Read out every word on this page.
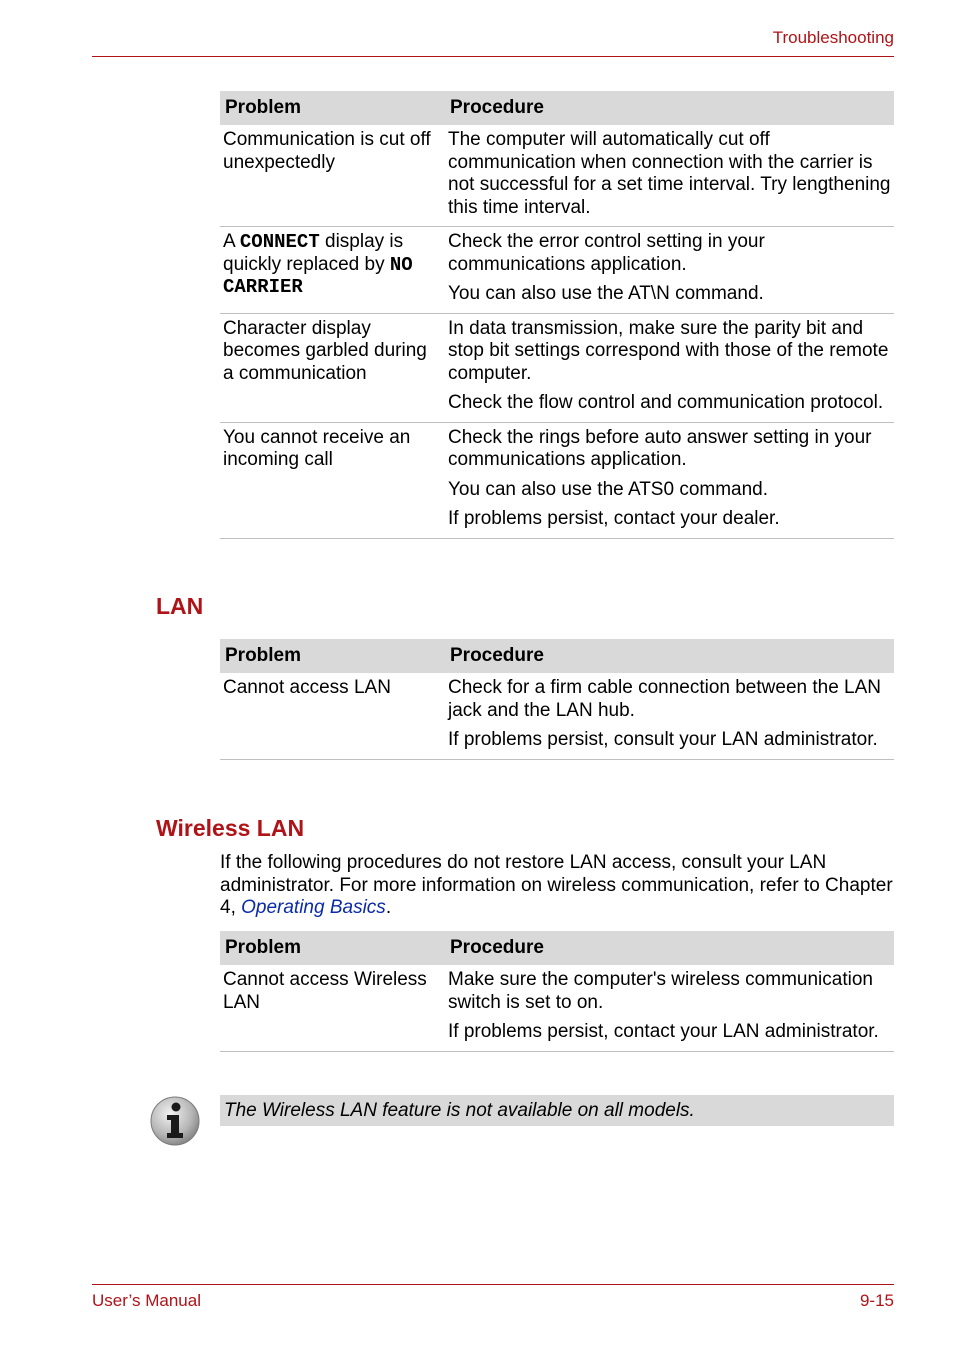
Troubleshooting
Problem	Procedure
Communication is cut off unexpectedly	The computer will automatically cut off communication when connection with the carrier is not successful for a set time interval. Try lengthening this time interval.

A CONNECT display is quickly replaced by NO CARRIER	Check the error control setting in your communications application.

You can also use the AT\N command.

Character display becomes garbled during a communication	In data transmission, make sure the parity bit and stop bit settings correspond with those of the remote computer.

Check the flow control and communication protocol.

You cannot receive an incoming call	Check the rings before auto answer setting in your communications application.

You can also use the ATS0 command.

If problems persist, contact your dealer.

LAN
Problem	Procedure
Cannot access LAN	Check for a firm cable connection between the LAN jack and the LAN hub.

If problems persist, consult your LAN administrator.

Wireless LAN

If the following procedures do not restore LAN access, consult your LAN administrator. For more information on wireless communication, refer to Chapter 4, Operating Basics.

Problem	Procedure
Cannot access Wireless LAN	Make sure the computer's wireless communication switch is set to on.

If problems persist, contact your LAN administrator.

The Wireless LAN feature is not available on all models.
User’s Manual	9-15
